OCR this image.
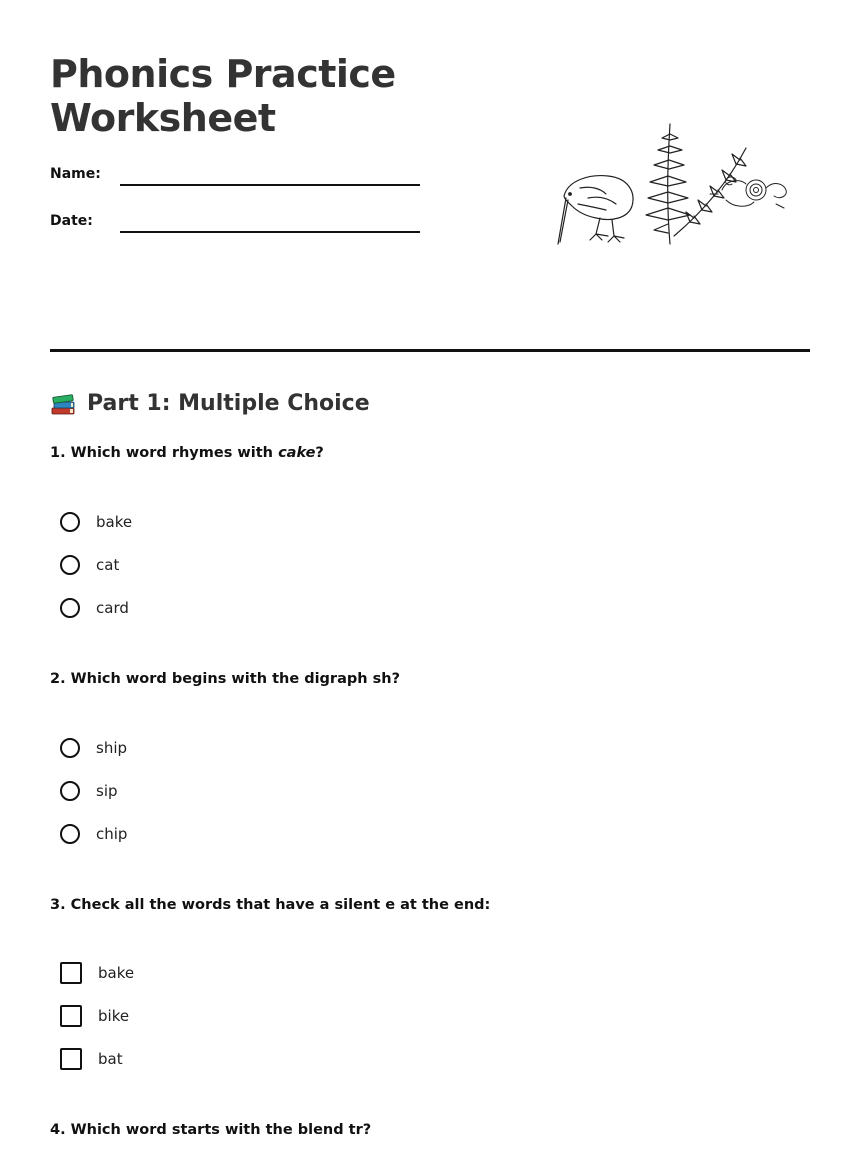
Phonics Practice
Worksheet
Name:
Date:
Part 1: Multiple Choice

1. Which word rhymes with cake?

bake
cat
card

2. Which word begins with the digraph sh?

ship
sip
chip

3. Check all the words that have a silent e at the end:

bake
bike
bat

4. Which word starts with the blend tr?
